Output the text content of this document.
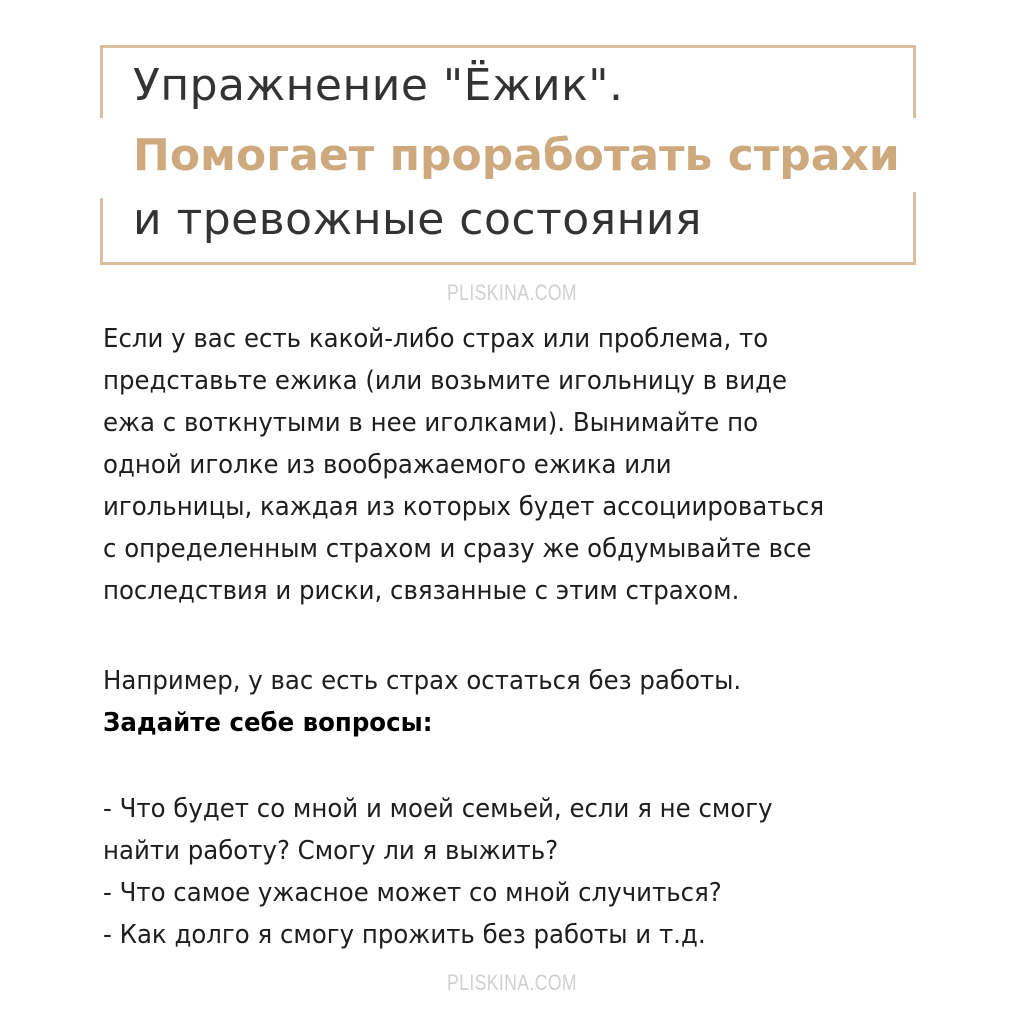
Упражнение "Ёжик".
Помогает проработать страхи
и тревожные состояния
PLISKINA.COM
Если у вас есть какой-либо страх или проблема, то
представьте ежика (или возьмите игольницу в виде
ежа с воткнутыми в нее иголками). Вынимайте по
одной иголке из воображаемого ежика или
игольницы, каждая из которых будет ассоциироваться
с определенным страхом и сразу же обдумывайте все
последствия и риски, связанные с этим страхом.
Например, у вас есть страх остаться без работы.
Задайте себе вопросы:
- Что будет со мной и моей семьей, если я не смогу
найти работу? Смогу ли я выжить?
- Что самое ужасное может со мной случиться?
- Как долго я смогу прожить без работы и т.д.
PLISKINA.COM
